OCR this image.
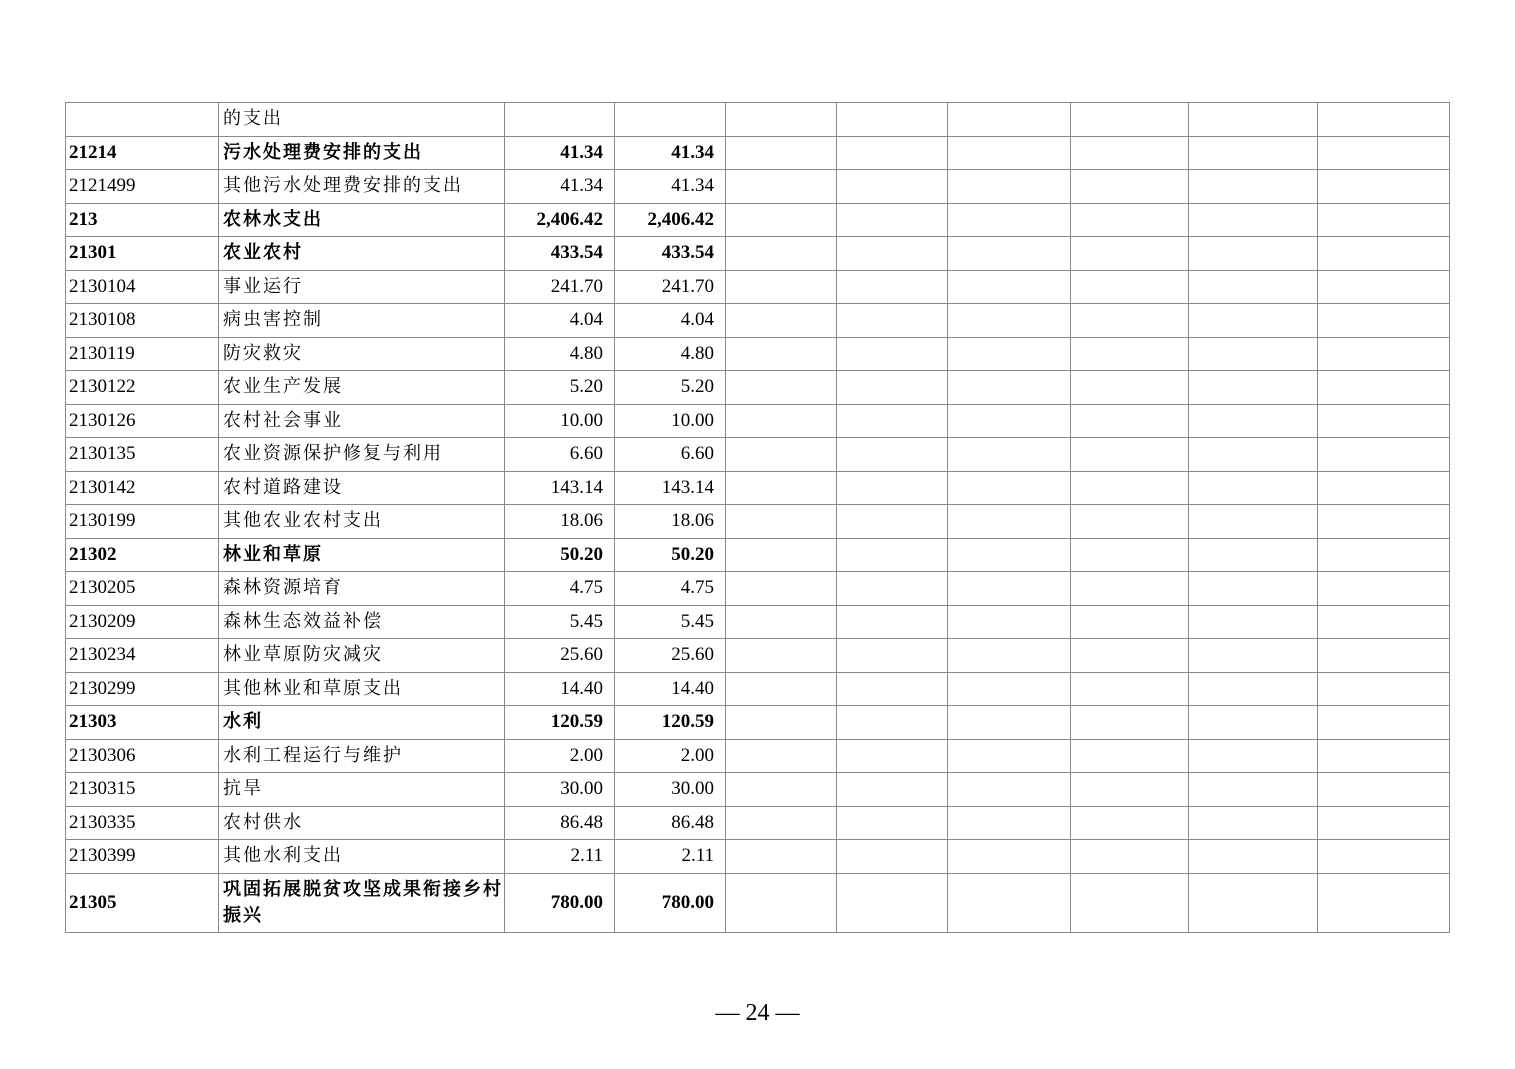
	的支出								
21214	污水处理费安排的支出	41.34	41.34						
2121499	其他污水处理费安排的支出	41.34	41.34						
213	农林水支出	2,406.42	2,406.42						
21301	农业农村	433.54	433.54						
2130104	事业运行	241.70	241.70						
2130108	病虫害控制	4.04	4.04						
2130119	防灾救灾	4.80	4.80						
2130122	农业生产发展	5.20	5.20						
2130126	农村社会事业	10.00	10.00						
2130135	农业资源保护修复与利用	6.60	6.60						
2130142	农村道路建设	143.14	143.14						
2130199	其他农业农村支出	18.06	18.06						
21302	林业和草原	50.20	50.20						
2130205	森林资源培育	4.75	4.75						
2130209	森林生态效益补偿	5.45	5.45						
2130234	林业草原防灾减灾	25.60	25.60						
2130299	其他林业和草原支出	14.40	14.40						
21303	水利	120.59	120.59						
2130306	水利工程运行与维护	2.00	2.00						
2130315	抗旱	30.00	30.00						
2130335	农村供水	86.48	86.48						
2130399	其他水利支出	2.11	2.11						
21305	巩固拓展脱贫攻坚成果衔接乡村振兴	780.00	780.00						
— 24 —
